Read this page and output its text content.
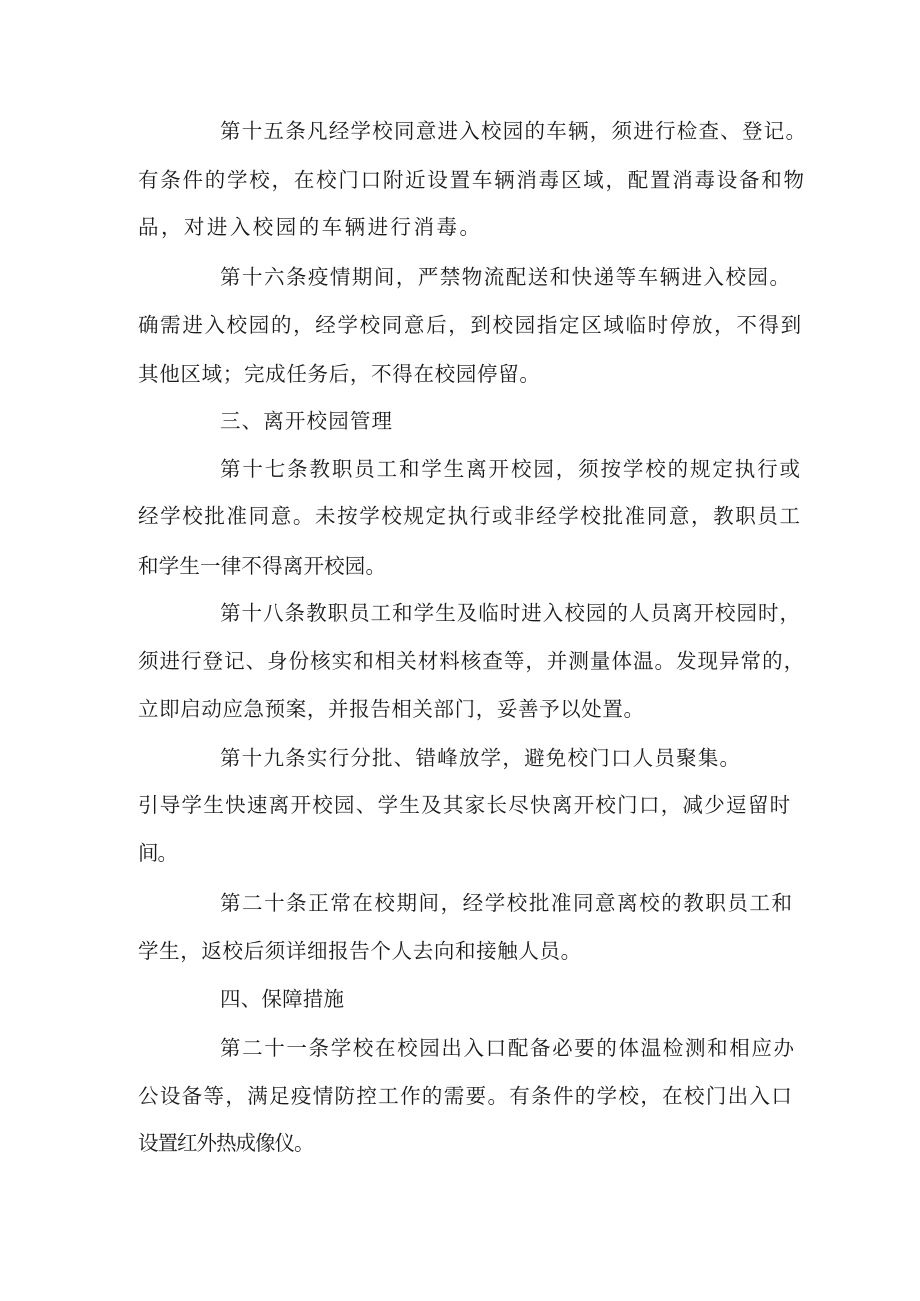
第十五条凡经学校同意进入校园的车辆，须进行检查、登记。
有条件的学校，在校门口附近设置车辆消毒区域，配置消毒设备和物
品，对进入校园的车辆进行消毒。
第十六条疫情期间，严禁物流配送和快递等车辆进入校园。
确需进入校园的，经学校同意后，到校园指定区域临时停放，不得到
其他区域；完成任务后，不得在校园停留。
三、离开校园管理
第十七条教职员工和学生离开校园，须按学校的规定执行或
经学校批准同意。未按学校规定执行或非经学校批准同意，教职员工
和学生一律不得离开校园。
第十八条教职员工和学生及临时进入校园的人员离开校园时，
须进行登记、身份核实和相关材料核查等，并测量体温。发现异常的，
立即启动应急预案，并报告相关部门，妥善予以处置。
第十九条实行分批、错峰放学，避免校门口人员聚集。
引导学生快速离开校园、学生及其家长尽快离开校门口，减少逗留时
间。
第二十条正常在校期间，经学校批准同意离校的教职员工和
学生，返校后须详细报告个人去向和接触人员。
四、保障措施
第二十一条学校在校园出入口配备必要的体温检测和相应办
公设备等，满足疫情防控工作的需要。有条件的学校，在校门出入口
设置红外热成像仪。
